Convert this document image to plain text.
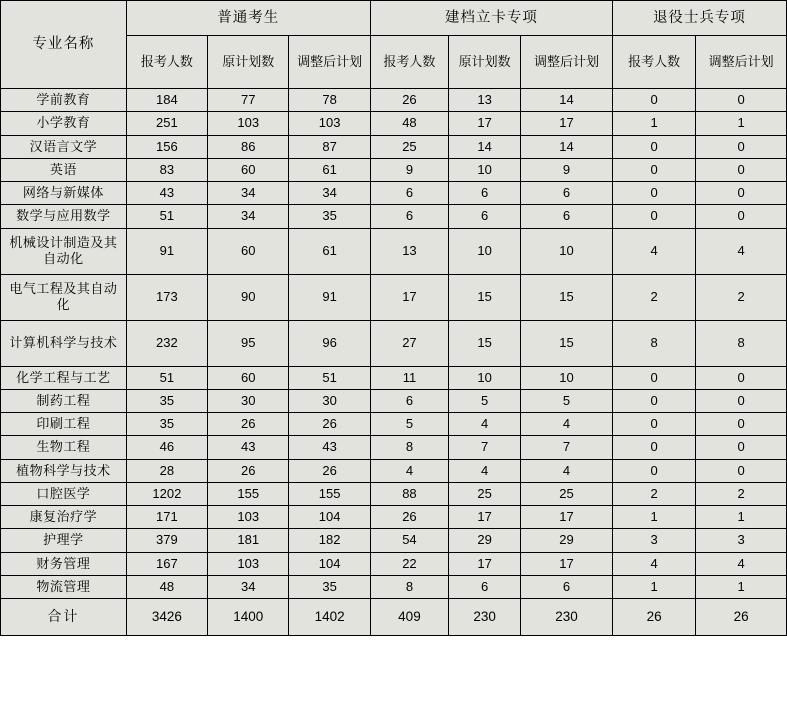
专业名称	普通考生			建档立卡专项			退役士兵专项	
	报考人数	原计划数	调整后计划	报考人数	原计划数	调整后计划	报考人数	调整后计划
学前教育	184	77	78	26	13	14	0	0
小学教育	251	103	103	48	17	17	1	1
汉语言文学	156	86	87	25	14	14	0	0
英语	83	60	61	9	10	9	0	0
网络与新媒体	43	34	34	6	6	6	0	0
数学与应用数学	51	34	35	6	6	6	0	0
机械设计制造及其自动化	91	60	61	13	10	10	4	4
电气工程及其自动化	173	90	91	17	15	15	2	2
计算机科学与技术	232	95	96	27	15	15	8	8
化学工程与工艺	51	60	51	11	10	10	0	0
制药工程	35	30	30	6	5	5	0	0
印刷工程	35	26	26	5	4	4	0	0
生物工程	46	43	43	8	7	7	0	0
植物科学与技术	28	26	26	4	4	4	0	0
口腔医学	1202	155	155	88	25	25	2	2
康复治疗学	171	103	104	26	17	17	1	1
护理学	379	181	182	54	29	29	3	3
财务管理	167	103	104	22	17	17	4	4
物流管理	48	34	35	8	6	6	1	1
合计	3426	1400	1402	409	230	230	26	26
